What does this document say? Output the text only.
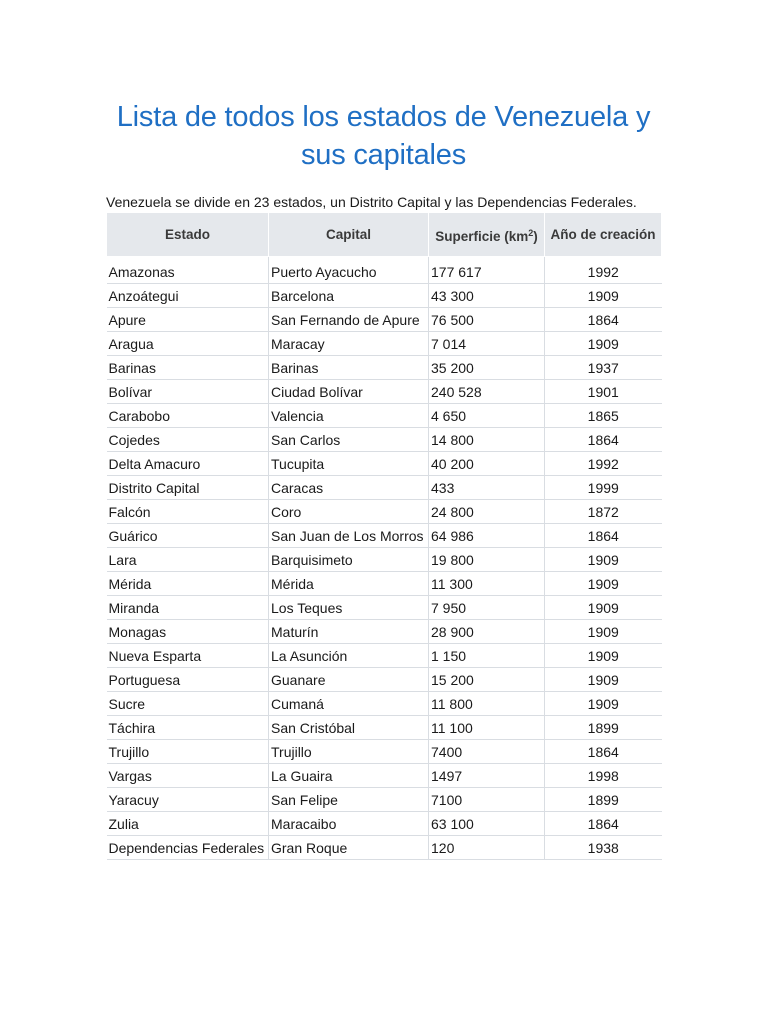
Lista de todos los estados de Venezuela y sus capitales

Venezuela se divide en 23 estados, un Distrito Capital y las Dependencias Federales.

Estado	Capital	Superficie $(km^2)$	Año de creación
Amazonas	Puerto Ayacucho	177 617	1992
Anzoátegui	Barcelona	43 300	1909
Apure	San Fernando de Apure	76 500	1864
Aragua	Maracay	7 014	1909
Barinas	Barinas	35 200	1937
Bolívar	Ciudad Bolívar	240 528	1901
Carabobo	Valencia	4 650	1865
Cojedes	San Carlos	14 800	1864
Delta Amacuro	Tucupita	40 200	1992
Distrito Capital	Caracas	433	1999
Falcón	Coro	24 800	1872
Guárico	San Juan de Los Morros	64 986	1864
Lara	Barquisimeto	19 800	1909
Mérida	Mérida	11 300	1909
Miranda	Los Teques	7 950	1909
Monagas	Maturín	28 900	1909
Nueva Esparta	La Asunción	1 150	1909
Portuguesa	Guanare	15 200	1909
Sucre	Cumaná	11 800	1909
Táchira	San Cristóbal	11 100	1899
Trujillo	Trujillo	7400	1864
Vargas	La Guaira	1497	1998
Yaracuy	San Felipe	7100	1899
Zulia	Maracaibo	63 100	1864
Dependencias Federales	Gran Roque	120	1938
